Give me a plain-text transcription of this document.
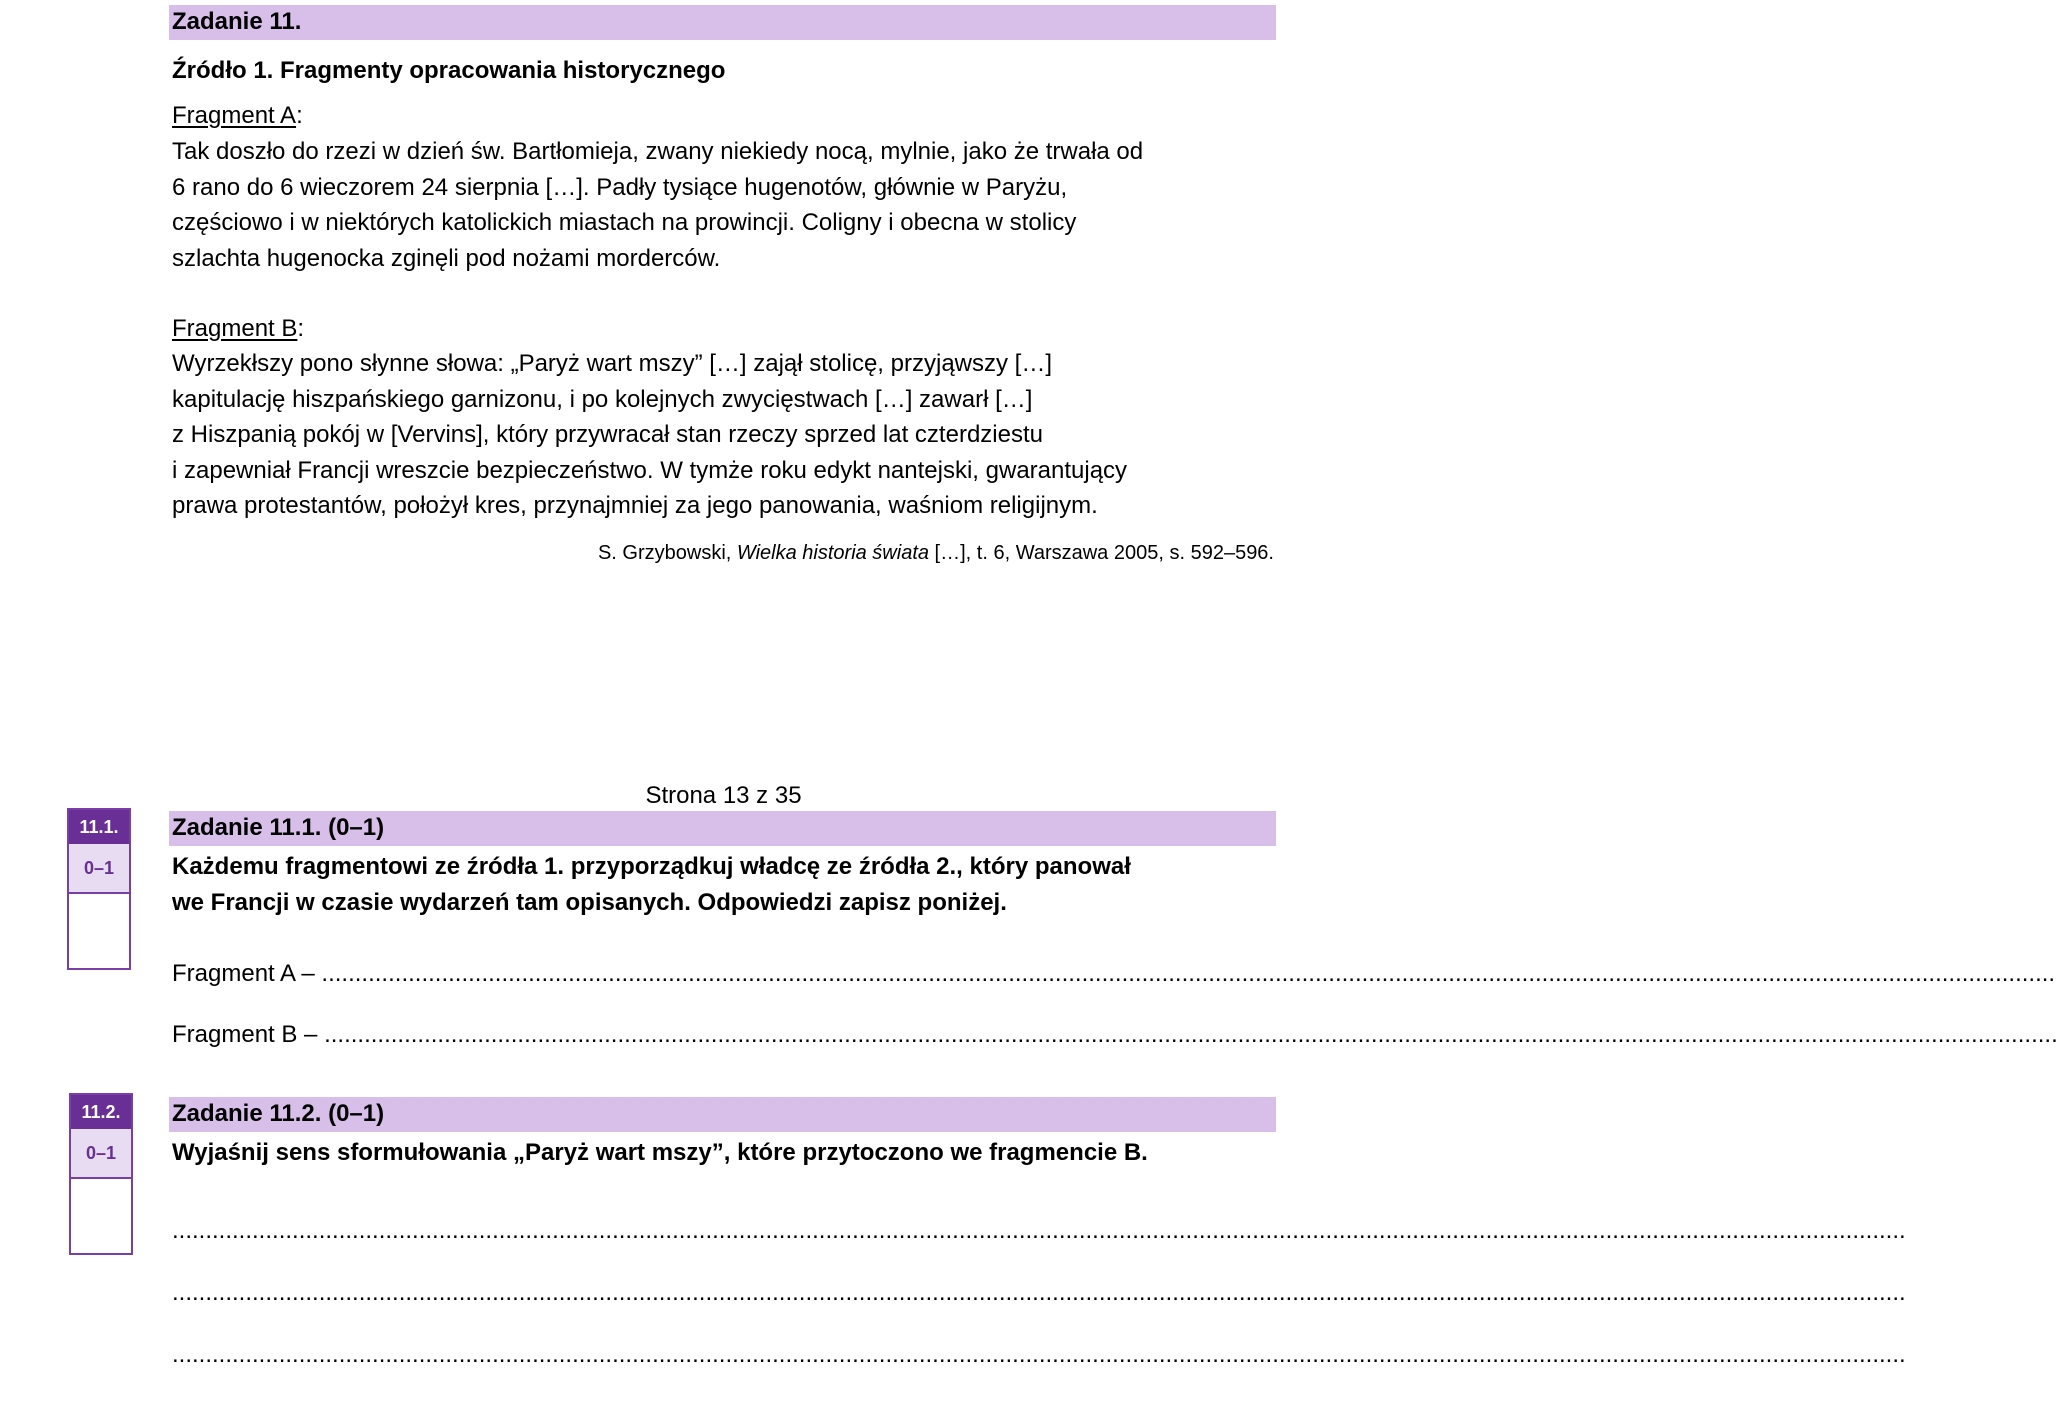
Zadanie 11.
Źródło 1. Fragmenty opracowania historycznego
Fragment A:
Tak doszło do rzezi w dzień św. Bartłomieja, zwany niekiedy nocą, mylnie, jako że trwała od
6 rano do 6 wieczorem 24 sierpnia […]. Padły tysiące hugenotów, głównie w Paryżu,
częściowo i w niektórych katolickich miastach na prowincji. Coligny i obecna w stolicy
szlachta hugenocka zginęli pod nożami morderców.
Fragment B:
Wyrzekłszy pono słynne słowa: „Paryż wart mszy” […] zajął stolicę, przyjąwszy […]
kapitulację hiszpańskiego garnizonu, i po kolejnych zwycięstwach […] zawarł […]
z Hiszpanią pokój w [Vervins], który przywracał stan rzeczy sprzed lat czterdziestu
i zapewniał Francji wreszcie bezpieczeństwo. W tymże roku edykt nantejski, gwarantujący
prawa protestantów, położył kres, przynajmniej za jego panowania, waśniom religijnym.
S. Grzybowski, Wielka historia świata […], t. 6, Warszawa 2005, s. 592–596.
Strona 13 z 35
11.1.
0–1
Zadanie 11.1. (0–1)
Każdemu fragmentowi ze źródła 1. przyporządkuj władcę ze źródła 2., który panował
we Francji w czasie wydarzeń tam opisanych. Odpowiedzi zapisz poniżej.
Fragment A – ....................................................................................................................................................................................................................................................................
Fragment B – ....................................................................................................................................................................................................................................................................
11.2.
0–1
Zadanie 11.2. (0–1)
Wyjaśnij sens sformułowania „Paryż wart mszy”, które przytoczono we fragmencie B.
....................................................................................................................................................................................................................................................................
....................................................................................................................................................................................................................................................................
....................................................................................................................................................................................................................................................................
